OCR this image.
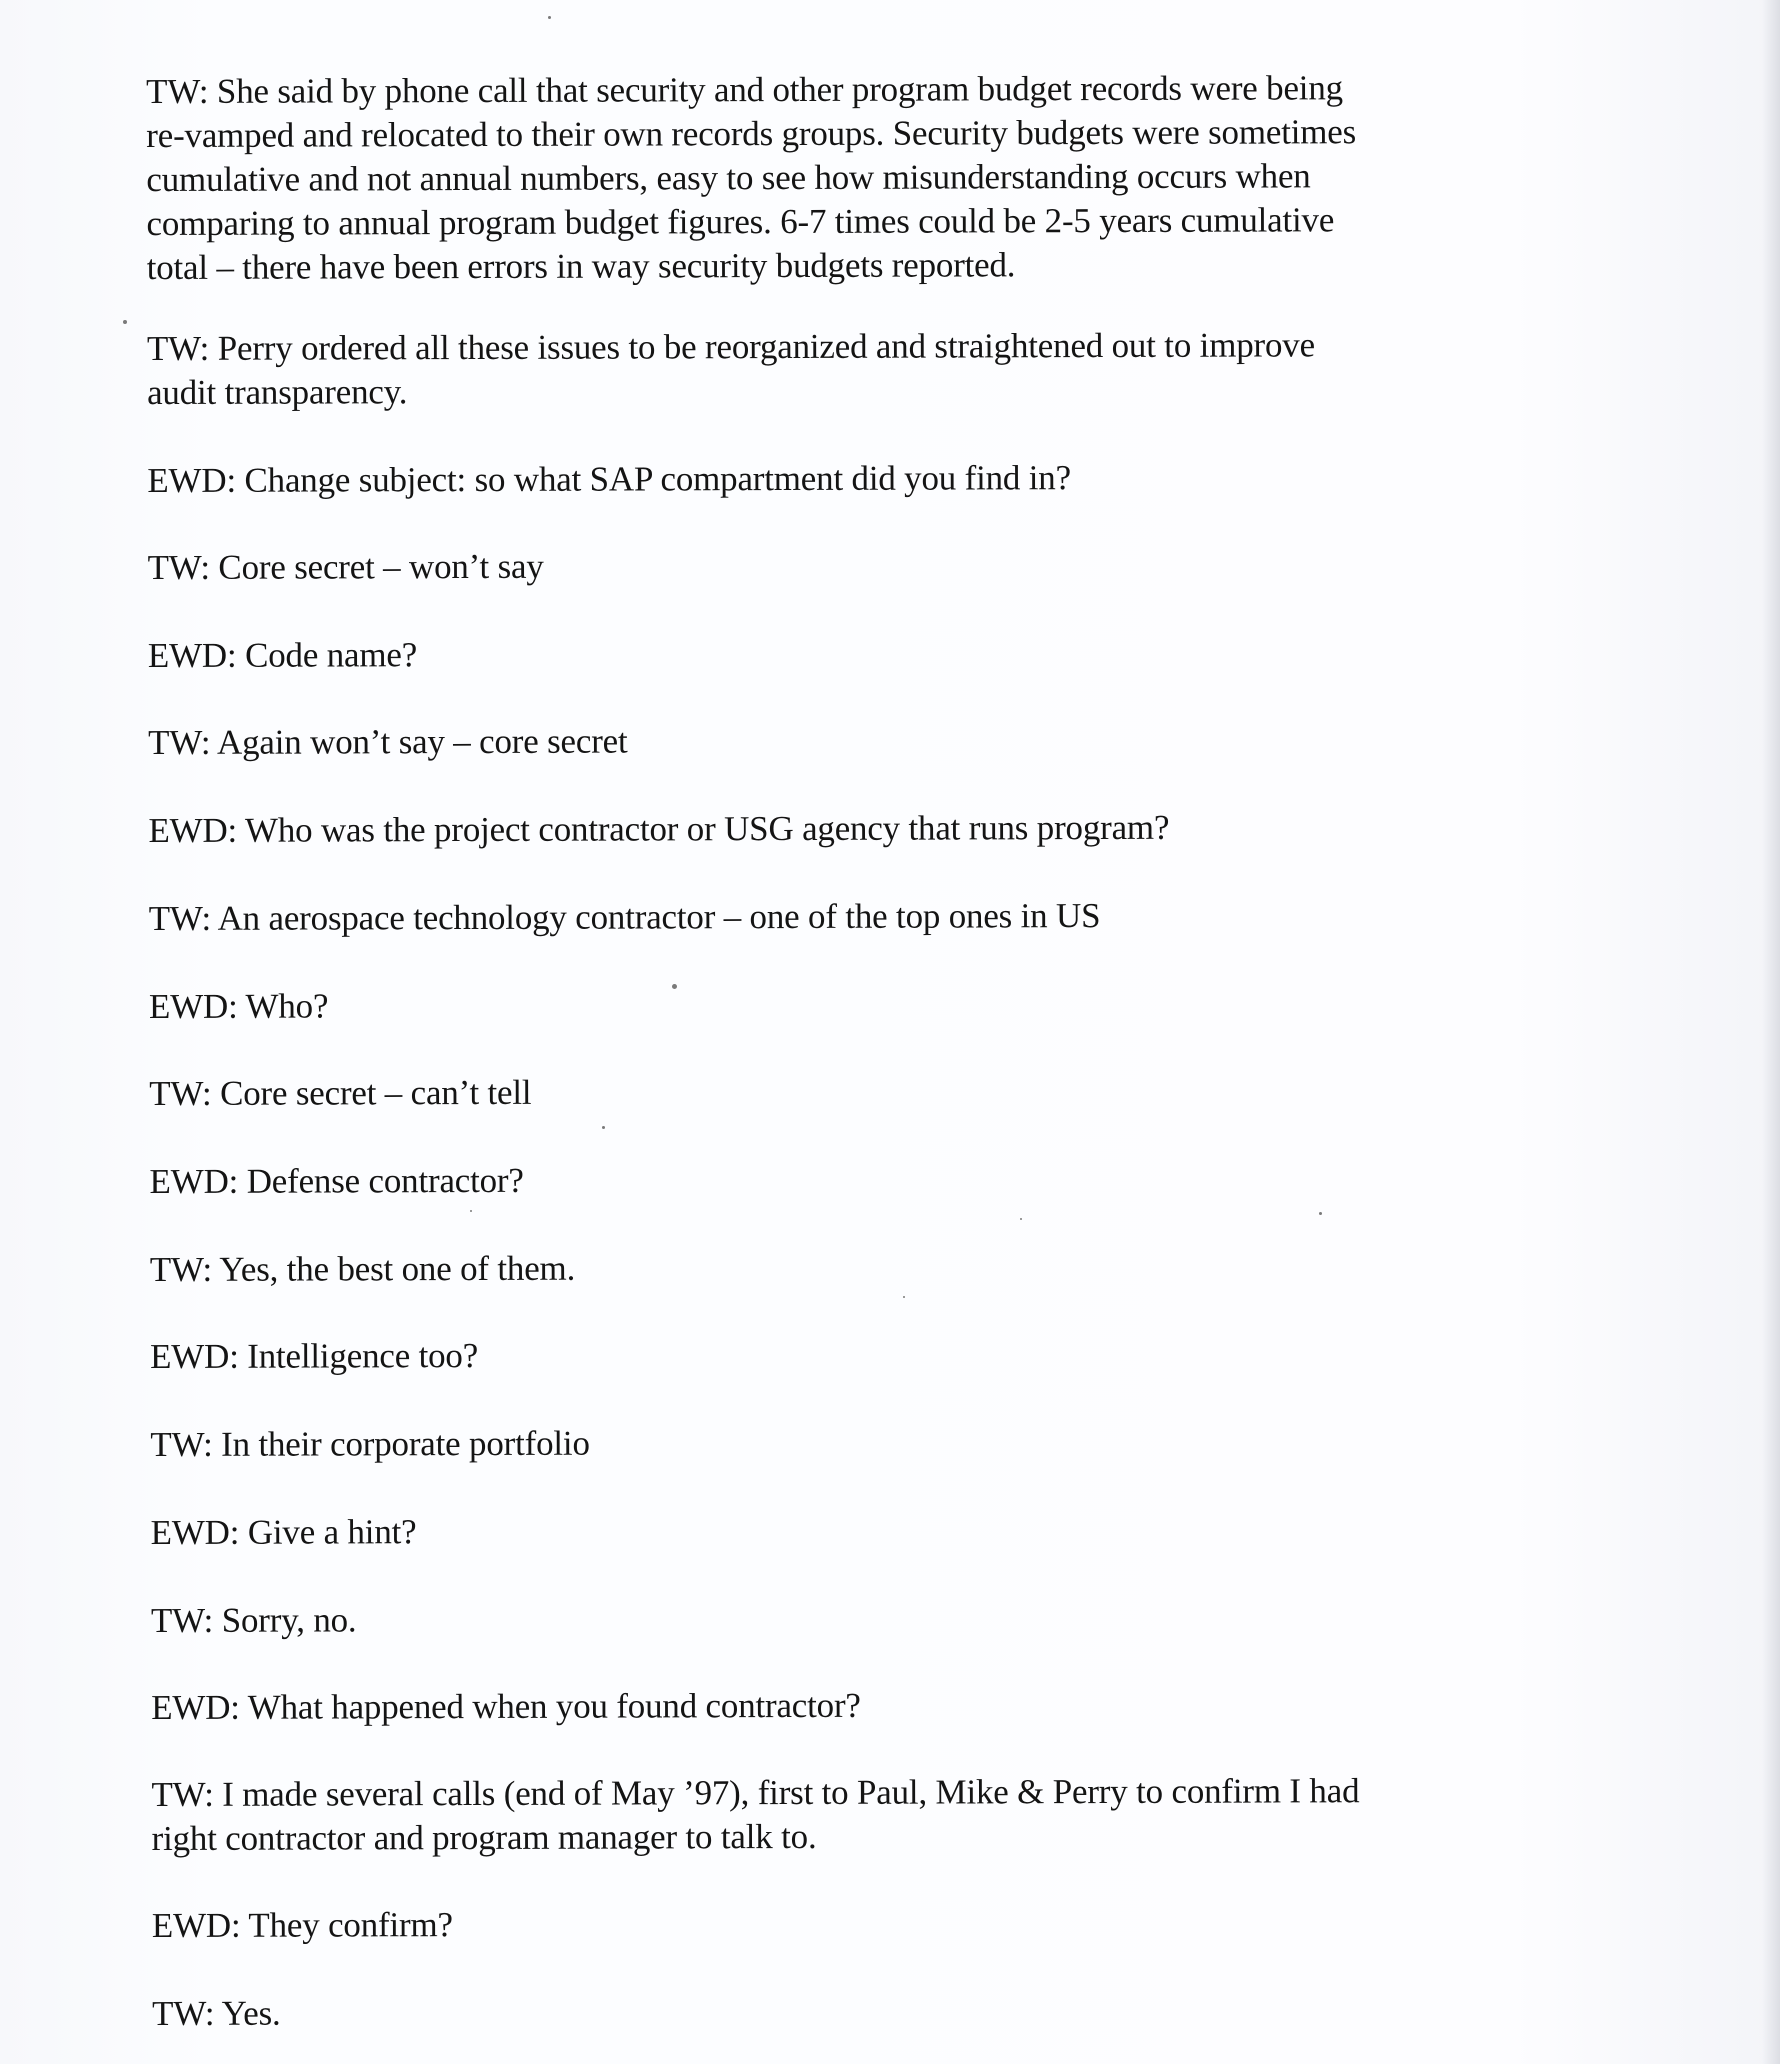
TW: She said by phone call that security and other program budget records were being
re-vamped and relocated to their own records groups. Security budgets were sometimes
cumulative and not annual numbers, easy to see how misunderstanding occurs when
comparing to annual program budget figures. 6-7 times could be 2-5 years cumulative
total – there have been errors in way security budgets reported.

TW: Perry ordered all these issues to be reorganized and straightened out to improve
audit transparency.

EWD: Change subject: so what SAP compartment did you find in?

TW: Core secret – won’t say

EWD: Code name?

TW: Again won’t say – core secret

EWD: Who was the project contractor or USG agency that runs program?

TW: An aerospace technology contractor – one of the top ones in US

EWD: Who?

TW: Core secret – can’t tell

EWD: Defense contractor?

TW: Yes, the best one of them.

EWD: Intelligence too?

TW: In their corporate portfolio

EWD: Give a hint?

TW: Sorry, no.

EWD: What happened when you found contractor?

TW: I made several calls (end of May ’97), first to Paul, Mike & Perry to confirm I had
right contractor and program manager to talk to.

EWD: They confirm?

TW: Yes.
